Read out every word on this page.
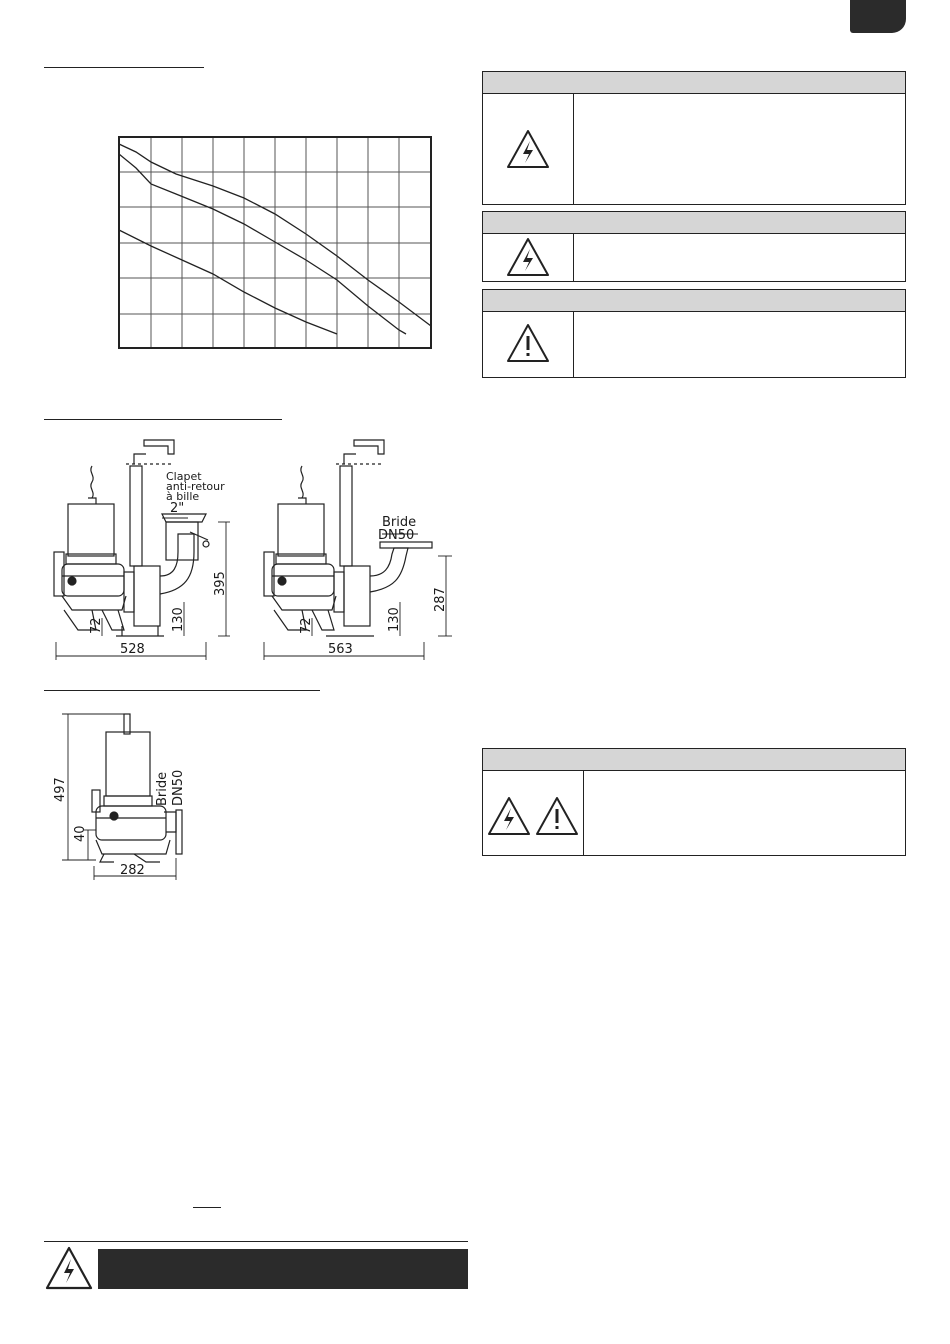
Clapet
anti-retour
à bille
2"
528
395
130
72
Bride
DN50
563
287
130
72
497
40
282
Bride DN50
